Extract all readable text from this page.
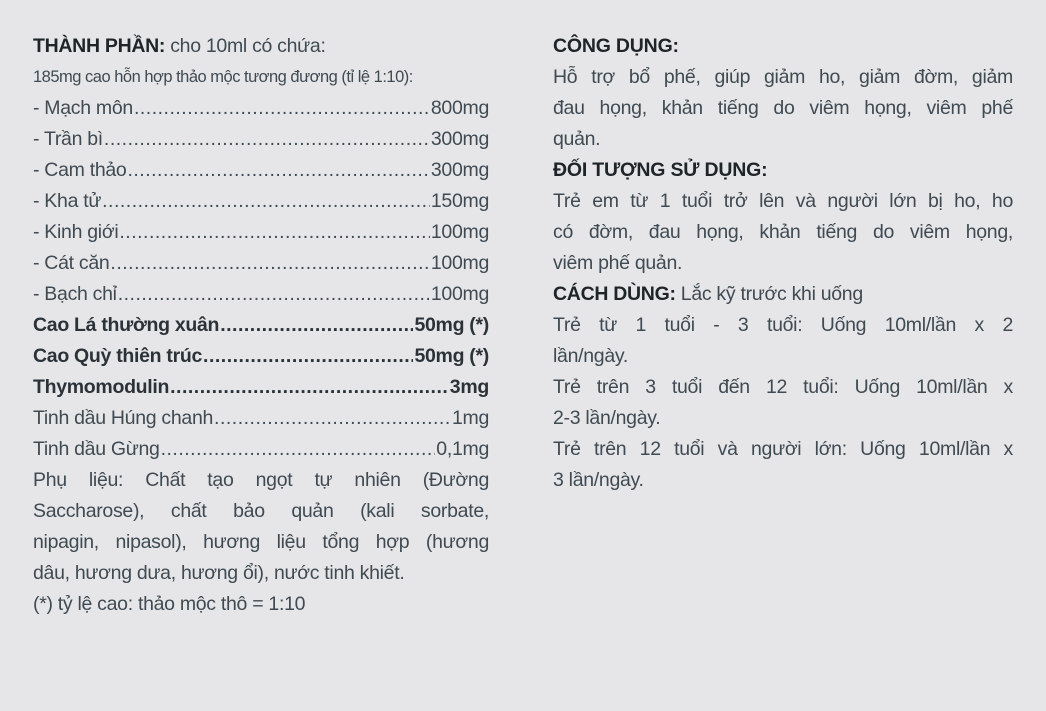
THÀNH PHẦN: cho 10ml có chứa:
185mg cao hỗn hợp thảo mộc tương đương (tỉ lệ 1:10):
- Mạch môn .....	800mg
- Trần bì .....	300mg
- Cam thảo .....	300mg
- Kha tử .....	150mg
- Kinh giới .....	100mg
- Cát căn .....	100mg
- Bạch chỉ .....	100mg
Cao Lá thường xuân .....	50mg (*)
Cao Quỳ thiên trúc .....	50mg (*)
Thymomodulin .....	3mg
Tinh dầu Húng chanh .....	1mg
Tinh dầu Gừng .....	0,1mg
Phụ liệu: Chất tạo ngọt tự nhiên (Đường
Saccharose), chất bảo quản (kali sorbate,
nipagin, nipasol), hương liệu tổng hợp (hương
dâu, hương dưa, hương ổi), nước tinh khiết.
(*) tỷ lệ cao: thảo mộc thô = 1:10
CÔNG DỤNG:
Hỗ trợ bổ phế, giúp giảm ho, giảm đờm, giảm
đau họng, khản tiếng do viêm họng, viêm phế
quản.
ĐỐI TƯỢNG SỬ DỤNG:
Trẻ em từ 1 tuổi trở lên và người lớn bị ho, ho
có đờm, đau họng, khản tiếng do viêm họng,
viêm phế quản.
CÁCH DÙNG: Lắc kỹ trước khi uống
Trẻ từ 1 tuổi - 3 tuổi: Uống 10ml/lần x 2
lần/ngày.
Trẻ trên 3 tuổi đến 12 tuổi: Uống 10ml/lần x
2-3 lần/ngày.
Trẻ trên 12 tuổi và người lớn: Uống 10ml/lần x
3 lần/ngày.
